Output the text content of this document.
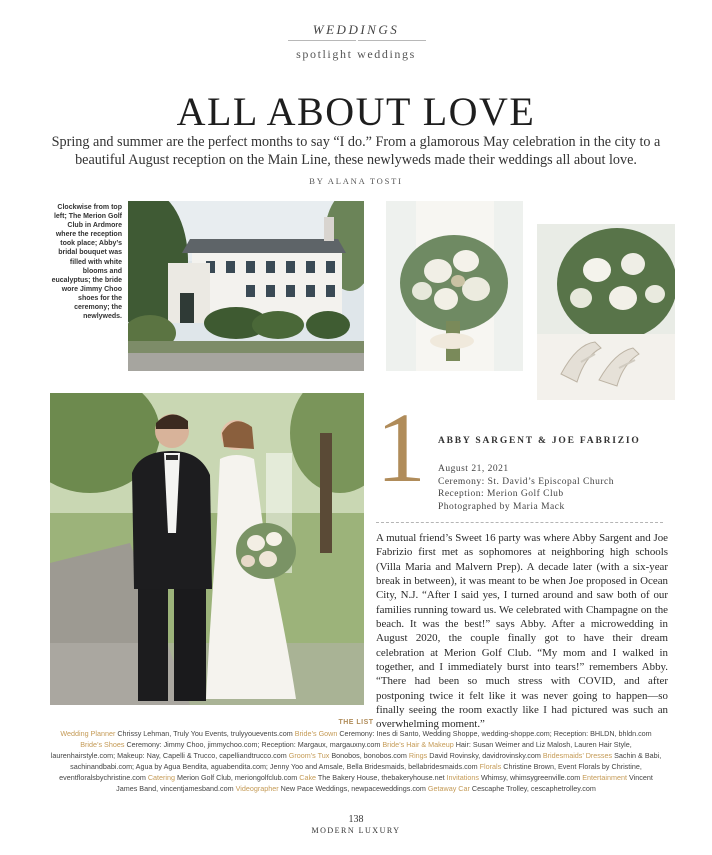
WEDDINGS
spotlight weddings
ALL ABOUT LOVE
Spring and summer are the perfect months to say “I do.” From a glamorous May celebration in the city to a beautiful August reception on the Main Line, these newlyweds made their weddings all about love.
BY ALANA TOSTI
Clockwise from top left; The Merion Golf Club in Ardmore where the reception took place; Abby’s bridal bouquet was filled with white blooms and eucalyptus; the bride wore Jimmy Choo shoes for the ceremony; the newlyweds.
1 ABBY SARGENT & JOE FABRIZIO
August 21, 2021
Ceremony: St. David’s Episcopal Church
Reception: Merion Golf Club
Photographed by Maria Mack

A mutual friend’s Sweet 16 party was where Abby Sargent and Joe Fabrizio first met as sophomores at neighboring high schools (Villa Maria and Malvern Prep). A decade later (with a six-year break in between), it was meant to be when Joe proposed in Ocean City, N.J. “After I said yes, I turned around and saw both of our families running toward us. We celebrated with Champagne on the beach. It was the best!” says Abby. After a microwedding in August 2020, the couple finally got to have their dream celebration at Merion Golf Club. “My mom and I walked in together, and I immediately burst into tears!” remembers Abby. “There had been so much stress with COVID, and after postponing twice it felt like it was never going to happen—so finally seeing the room exactly like I had pictured was such an overwhelming moment.”

THE LIST
Wedding Planner Chrissy Lehman, Truly You Events, trulyyouevents.com Bride’s Gown Ceremony: Ines di Santo, Wedding Shoppe, wedding-shoppe.com; Reception: BHLDN, bhldn.com Bride’s Shoes Ceremony: Jimmy Choo, jimmychoo.com; Reception: Margaux, margauxny.com Bride’s Hair & Makeup Hair: Susan Weimer and Liz Malosh, Lauren Hair Style, laurenhairstyle.com; Makeup: Nay, Capelli & Trucco, capelliandtrucco.com Groom’s Tux Bonobos, bonobos.com Rings David Rovinsky, davidrovinsky.com Bridesmaids’ Dresses Sachin & Babi, sachinandbabi.com; Agua by Agua Bendita, aguabendita.com; Jenny Yoo and Amsale, Bella Bridesmaids, bellabridesmaids.com Florals Christine Brown, Event Florals by Christine, eventfloralsbychristine.com Catering Merion Golf Club, meriongolfclub.com Cake The Bakery House, thebakeryhouse.net Invitations Whimsy, whimsygreenville.com Entertainment Vincent James Band, vincentjamesband.com Videographer New Pace Weddings, newpaceweddings.com Getaway Car Cescaphe Trolley, cescaphetrolley.com
138
MODERN LUXURY
